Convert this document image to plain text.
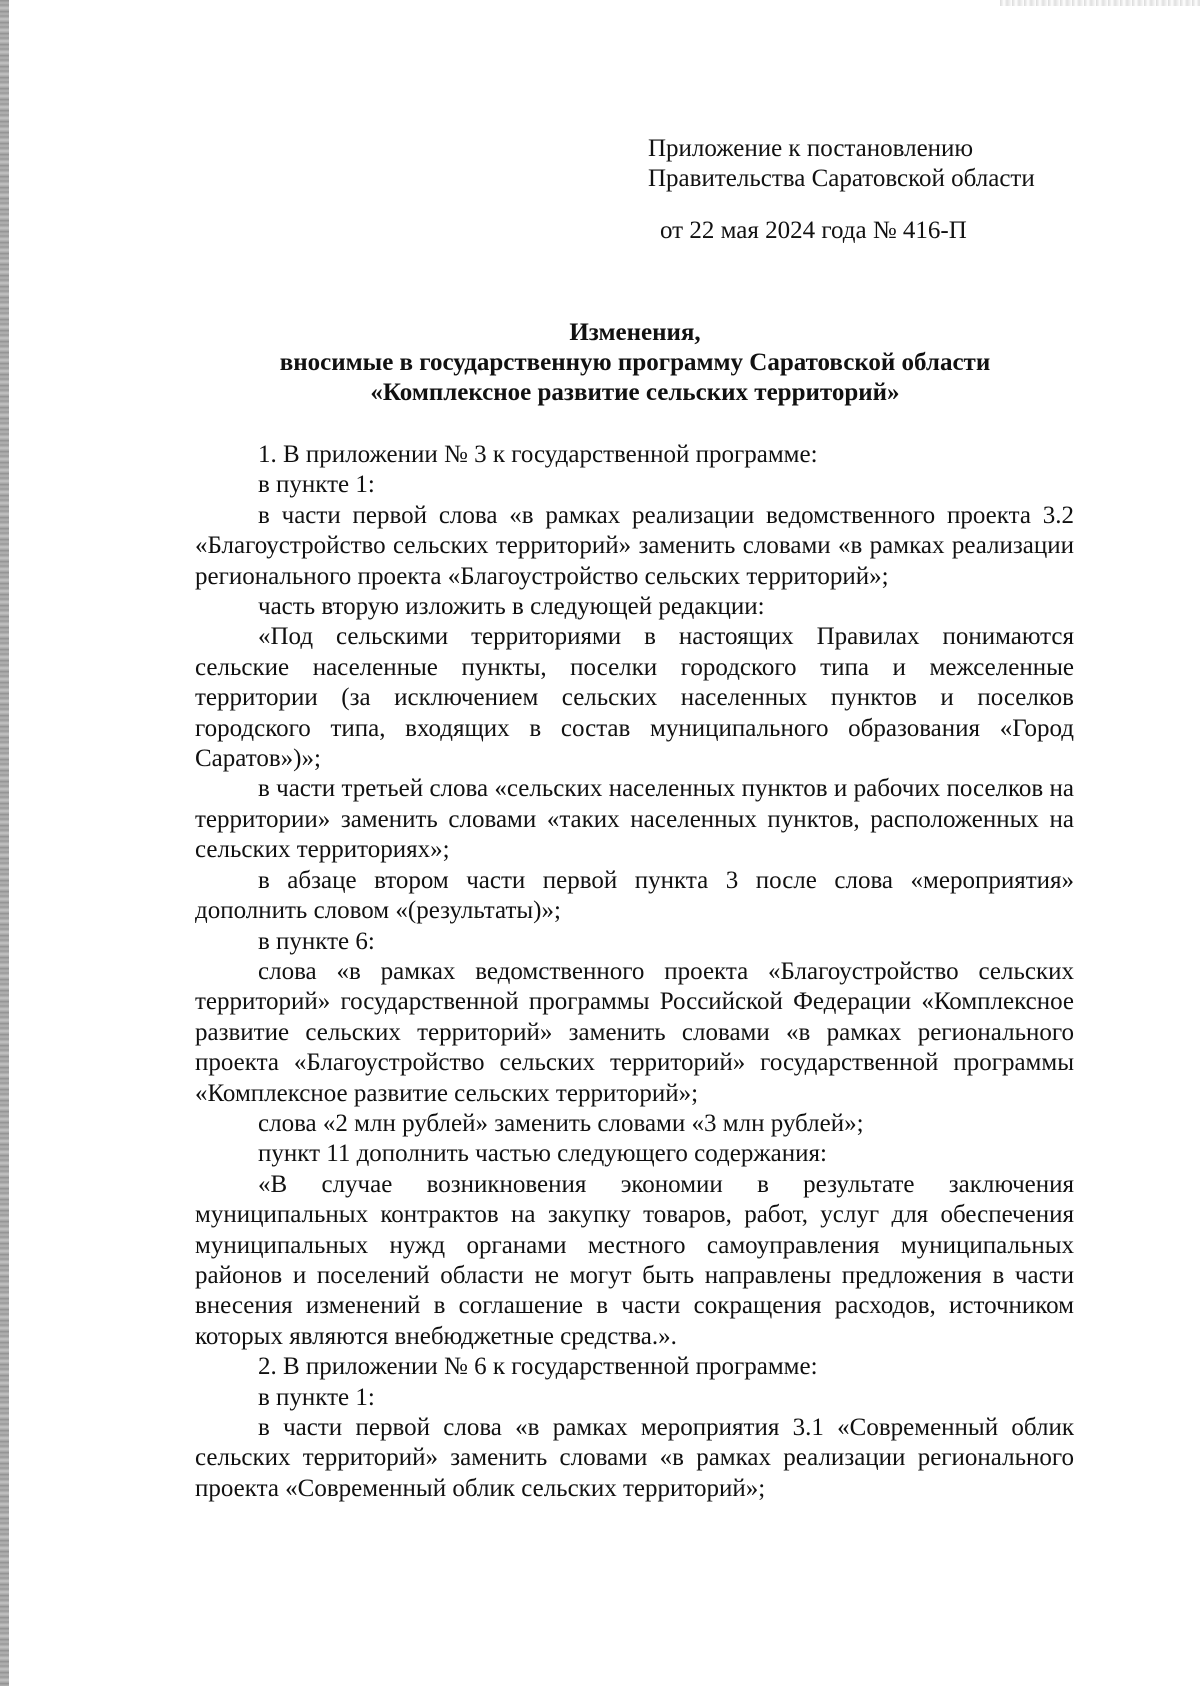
Приложение к постановлению
Правительства Саратовской области
от 22 мая 2024 года № 416-П
Изменения,
вносимые в государственную программу Саратовской области
«Комплексное развитие сельских территорий»

1. В приложении № 3 к государственной программе:

в пункте 1:

в части первой слова «в рамках реализации ведомственного проекта 3.2 «Благоустройство сельских территорий» заменить словами «в рамках реализации регионального проекта «Благоустройство сельских территорий»;

часть вторую изложить в следующей редакции:

«Под сельскими территориями в настоящих Правилах понимаются сельские населенные пункты, поселки городского типа и межселенные территории (за исключением сельских населенных пунктов и поселков городского типа, входящих в состав муниципального образования «Город Саратов»)»;

в части третьей слова «сельских населенных пунктов и рабочих поселков на территории» заменить словами «таких населенных пунктов, расположенных на сельских территориях»;

в абзаце втором части первой пункта 3 после слова «мероприятия» дополнить словом «(результаты)»;

в пункте 6:

слова «в рамках ведомственного проекта «Благоустройство сельских территорий» государственной программы Российской Федерации «Комплексное развитие сельских территорий» заменить словами «в рамках регионального проекта «Благоустройство сельских территорий» государственной программы «Комплексное развитие сельских территорий»;

слова «2 млн рублей» заменить словами «3 млн рублей»;

пункт 11 дополнить частью следующего содержания:

«В случае возникновения экономии в результате заключения муниципальных контрактов на закупку товаров, работ, услуг для обеспечения муниципальных нужд органами местного самоуправления муниципальных районов и поселений области не могут быть направлены предложения в части внесения изменений в соглашение в части сокращения расходов, источником которых являются внебюджетные средства.».

2. В приложении № 6 к государственной программе:

в пункте 1:

в части первой слова «в рамках мероприятия 3.1 «Современный облик сельских территорий» заменить словами «в рамках реализации регионального проекта «Современный облик сельских территорий»;
